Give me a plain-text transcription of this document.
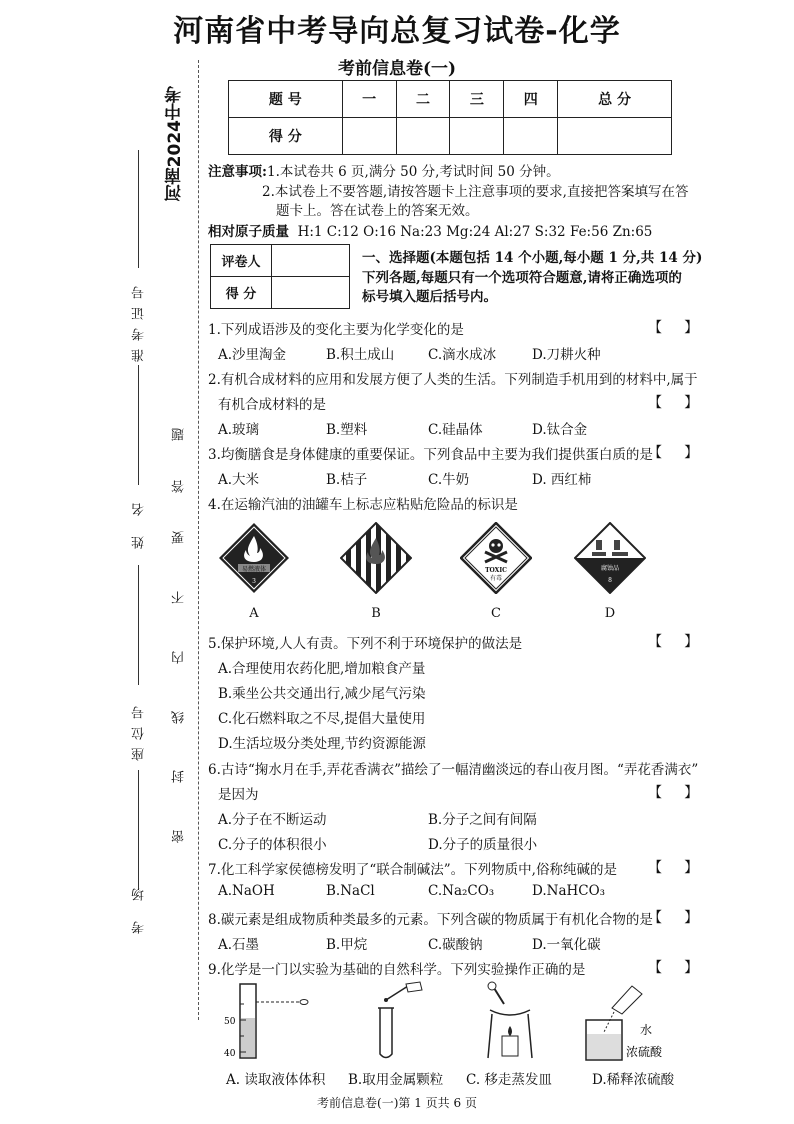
河南省中考导向总复习试卷-化学
考前信息卷(一)
题 号	一	二	三	四	总 分
得 分					
河南2024中考
准考证号
姓 名
座位号
考 场
密
封
线
内
不
要
答
题
注意事项:1.本试卷共 6 页,满分 50 分,考试时间 50 分钟。
2.本试卷上不要答题,请按答题卡上注意事项的要求,直接把答案填写在答
题卡上。答在试卷上的答案无效。
相对原子质量 H:1 C:12 O:16 Na:23 Mg:24 Al:27 S:32 Fe:56 Zn:65
评卷人	
得 分	
一、选择题(本题包括 14 个小题,每小题 1 分,共 14 分)
下列各题,每题只有一个选项符合题意,请将正确选项的
标号填入题后括号内。
1.下列成语涉及的变化主要为化学变化的是	【     】
A.沙里淘金	B.积土成山	C.滴水成冰	D.刀耕火种
2.有机合成材料的应用和发展方便了人类的生活。下列制造手机用到的材料中,属于
有机合成材料的是	【     】
A.玻璃	B.塑料	C.硅晶体	D.钛合金
3.均衡膳食是身体健康的重要保证。下列食品中主要为我们提供蛋白质的是
【     】
A.大米	B.桔子	C.牛奶	D. 西红柿
4.在运输汽油的油罐车上标志应粘贴危险品的标识是
易燃液体
3
TOXIC
有毒
腐蚀品
8
A	B	C	D
5.保护环境,人人有责。下列不利于环境保护的做法是	【     】
A.合理使用农药化肥,增加粮食产量
B.乘坐公共交通出行,减少尾气污染
C.化石燃料取之不尽,提倡大量使用
D.生活垃圾分类处理,节约资源能源
6.古诗“掬水月在手,弄花香满衣”描绘了一幅清幽淡远的春山夜月图。“弄花香满衣”
是因为	【     】
A.分子在不断运动	B.分子之间有间隔
C.分子的体积很小	D.分子的质量很小
7.化工科学家侯德榜发明了“联合制碱法”。下列物质中,俗称纯碱的是 【     】
A.NaOH	B.NaCl	C.Na₂CO₃	D.NaHCO₃
8.碳元素是组成物质种类最多的元素。下列含碳的物质属于有机化合物的是
【     】
A.石墨	B.甲烷	C.碳酸钠	D.一氧化碳
9.化学是一门以实验为基础的自然科学。下列实验操作正确的是	【     】
50
40
水
浓硫酸
A. 读取液体体积 B.取用金属颗粒 C. 移走蒸发皿	D.稀释浓硫酸
考前信息卷(一)第 1 页共 6 页
